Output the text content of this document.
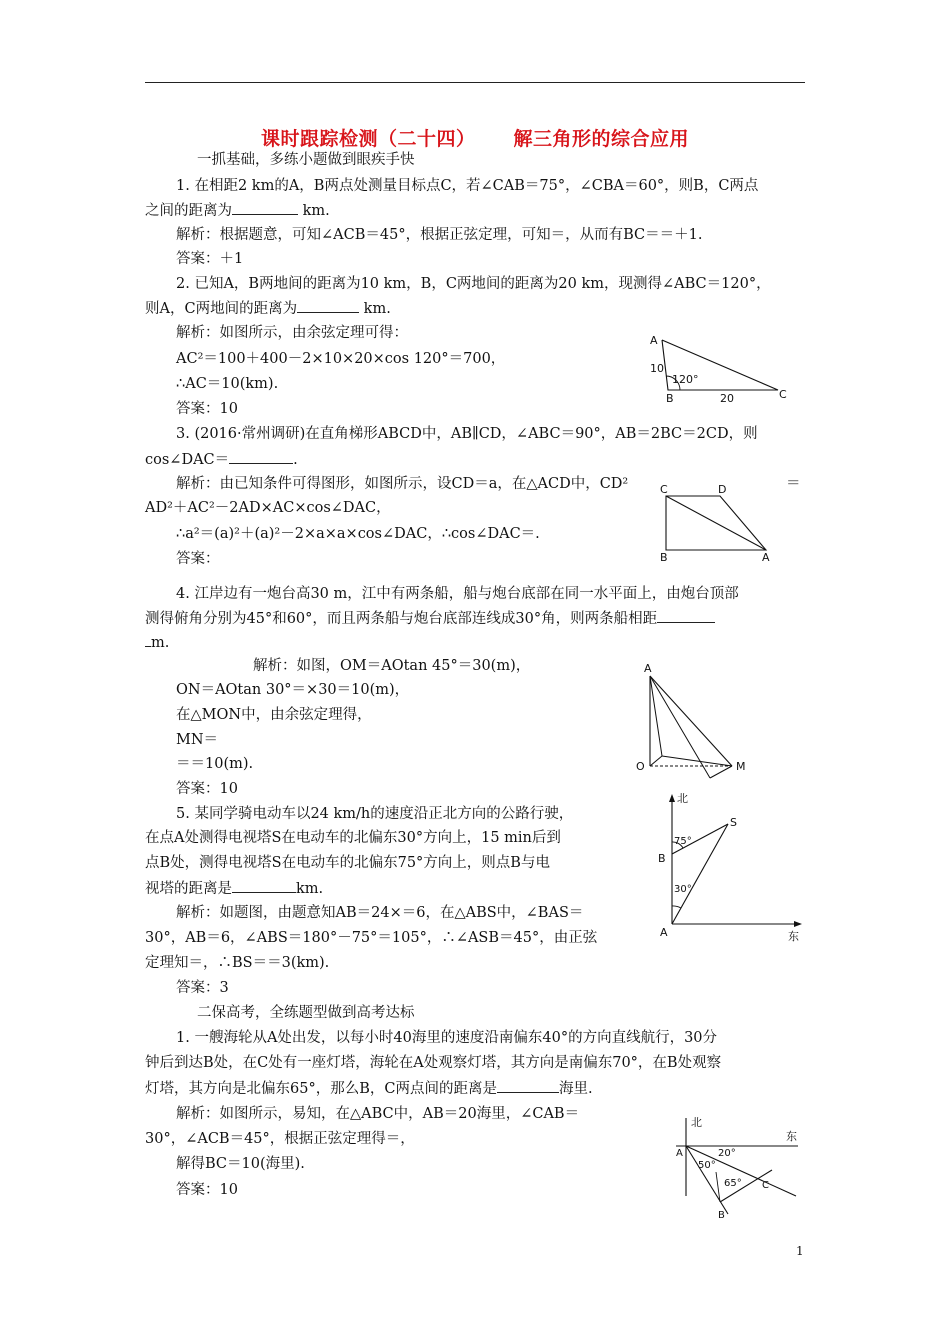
课时跟踪检测（二十四） 解三角形的综合应用
一抓基础，多练小题做到眼疾手快
1. 在相距2 km的A，B两点处测量目标点C，若∠CAB＝75°，∠CBA＝60°，则B，C两点
之间的距离为	km.
解析：根据题意，可知∠ACB＝45°，根据正弦定理，可知＝，从而有BC＝＝＋1.
答案：＋1
2. 已知A，B两地间的距离为10 km，B，C两地间的距离为20 km，现测得∠ABC＝120°，
则A，C两地间的距离为	km.
解析：如图所示，由余弦定理可得：
AC²＝100＋400－2×10×20×cos 120°＝700，
∴AC＝10(km).
答案：10
A
B	C
10
20
120°
3. (2016·常州调研)在直角梯形ABCD中，AB∥CD，∠ABC＝90°，AB＝2BC＝2CD，则
cos∠DAC＝	.
解析：由已知条件可得图形，如图所示，设CD＝a，在△ACD中，CD²	＝
AD²＋AC²－2AD×AC×cos∠DAC，
∴a²＝(a)²＋(a)²－2×a×a×cos∠DAC，∴cos∠DAC＝.
答案：
C	D
B	A
4. 江岸边有一炮台高30 m，江中有两条船，船与炮台底部在同一水平面上，由炮台顶部
测得俯角分别为45°和60°，而且两条船与炮台底部连线成30°角，则两条船相距
m.
解析：如图，OM＝AOtan 45°＝30(m)，
ON＝AOtan 30°＝×30＝10(m)，
在△MON中，由余弦定理得，
MN＝
＝＝10(m).
答案：10
A
O	M
5. 某同学骑电动车以24 km/h的速度沿正北方向的公路行驶，
在点A处测得电视塔S在电动车的北偏东30°方向上，15 min后到
点B处，测得电视塔S在电动车的北偏东75°方向上，则点B与电
视塔的距离是	km.
解析：如题图，由题意知AB＝24×＝6，在△ABS中，∠BAS＝
30°，AB＝6，∠ABS＝180°－75°＝105°，∴∠ASB＝45°，由正弦
定理知＝，∴BS＝＝3(km).
答案：3
北
东
A
B
S
75°
30°
二保高考，全练题型做到高考达标
1. 一艘海轮从A处出发，以每小时40海里的速度沿南偏东40°的方向直线航行，30分
钟后到达B处，在C处有一座灯塔，海轮在A处观察灯塔，其方向是南偏东70°，在B处观察
灯塔，其方向是北偏东65°，那么B，C两点间的距离是	海里.
解析：如图所示，易知，在△ABC中，AB＝20海里，∠CAB＝
30°，∠ACB＝45°，根据正弦定理得＝，
解得BC＝10(海里).
答案：10
北
东
A
B
C
20°
50°
65°
1
